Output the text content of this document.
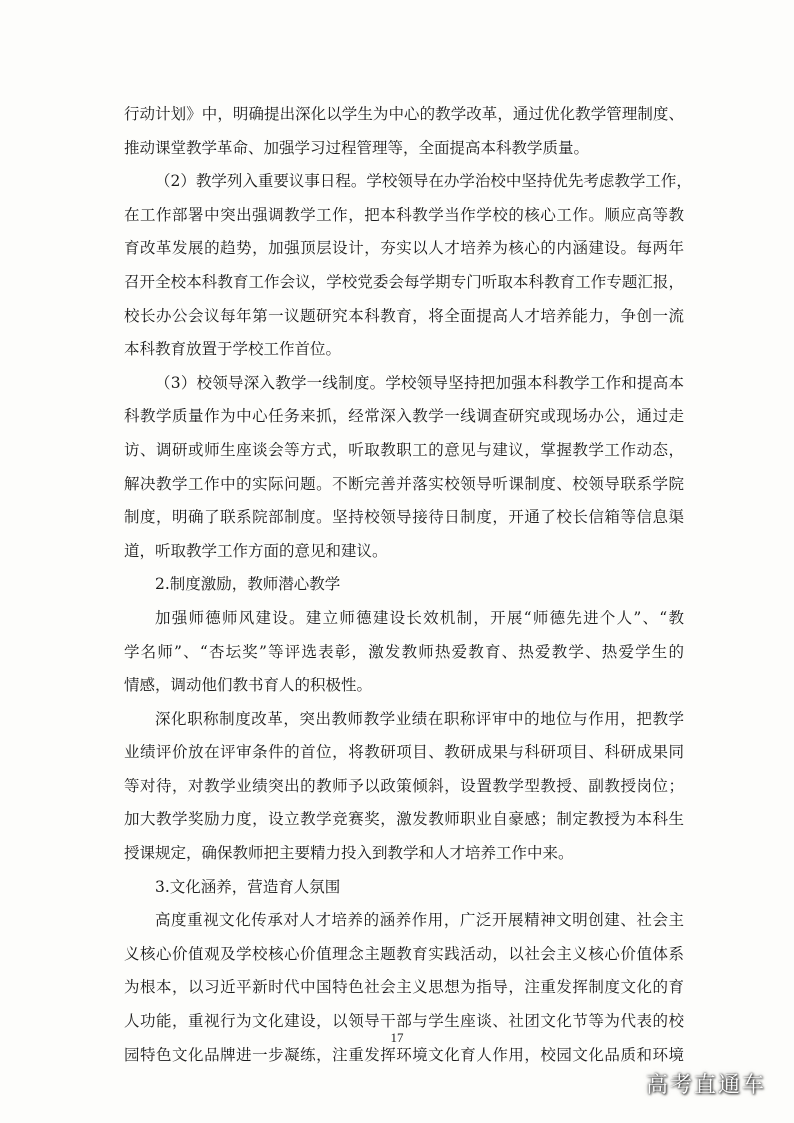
行动计划》中，明确提出深化以学生为中心的教学改革，通过优化教学管理制度、
推动课堂教学革命、加强学习过程管理等，全面提高本科教学质量。
（2）教学列入重要议事日程。学校领导在办学治校中坚持优先考虑教学工作，
在工作部署中突出强调教学工作，把本科教学当作学校的核心工作。顺应高等教
育改革发展的趋势，加强顶层设计，夯实以人才培养为核心的内涵建设。每两年
召开全校本科教育工作会议，学校党委会每学期专门听取本科教育工作专题汇报，
校长办公会议每年第一议题研究本科教育，将全面提高人才培养能力，争创一流
本科教育放置于学校工作首位。
（3）校领导深入教学一线制度。学校领导坚持把加强本科教学工作和提高本
科教学质量作为中心任务来抓，经常深入教学一线调查研究或现场办公，通过走
访、调研或师生座谈会等方式，听取教职工的意见与建议，掌握教学工作动态，
解决教学工作中的实际问题。不断完善并落实校领导听课制度、校领导联系学院
制度，明确了联系院部制度。坚持校领导接待日制度，开通了校长信箱等信息渠
道，听取教学工作方面的意见和建议。
2.制度激励，教师潜心教学
加强师德师风建设。建立师德建设长效机制，开展“师德先进个人”、“教
学名师”、“杏坛奖”等评选表彰，激发教师热爱教育、热爱教学、热爱学生的
情感，调动他们教书育人的积极性。
深化职称制度改革，突出教师教学业绩在职称评审中的地位与作用，把教学
业绩评价放在评审条件的首位，将教研项目、教研成果与科研项目、科研成果同
等对待，对教学业绩突出的教师予以政策倾斜，设置教学型教授、副教授岗位；
加大教学奖励力度，设立教学竞赛奖，激发教师职业自豪感；制定教授为本科生
授课规定，确保教师把主要精力投入到教学和人才培养工作中来。
3.文化涵养，营造育人氛围
高度重视文化传承对人才培养的涵养作用，广泛开展精神文明创建、社会主
义核心价值观及学校核心价值理念主题教育实践活动，以社会主义核心价值体系
为根本，以习近平新时代中国特色社会主义思想为指导，注重发挥制度文化的育
人功能，重视行为文化建设，以领导干部与学生座谈、社团文化节等为代表的校
园特色文化品牌进一步凝练，注重发挥环境文化育人作用，校园文化品质和环境
17
高考直通车
